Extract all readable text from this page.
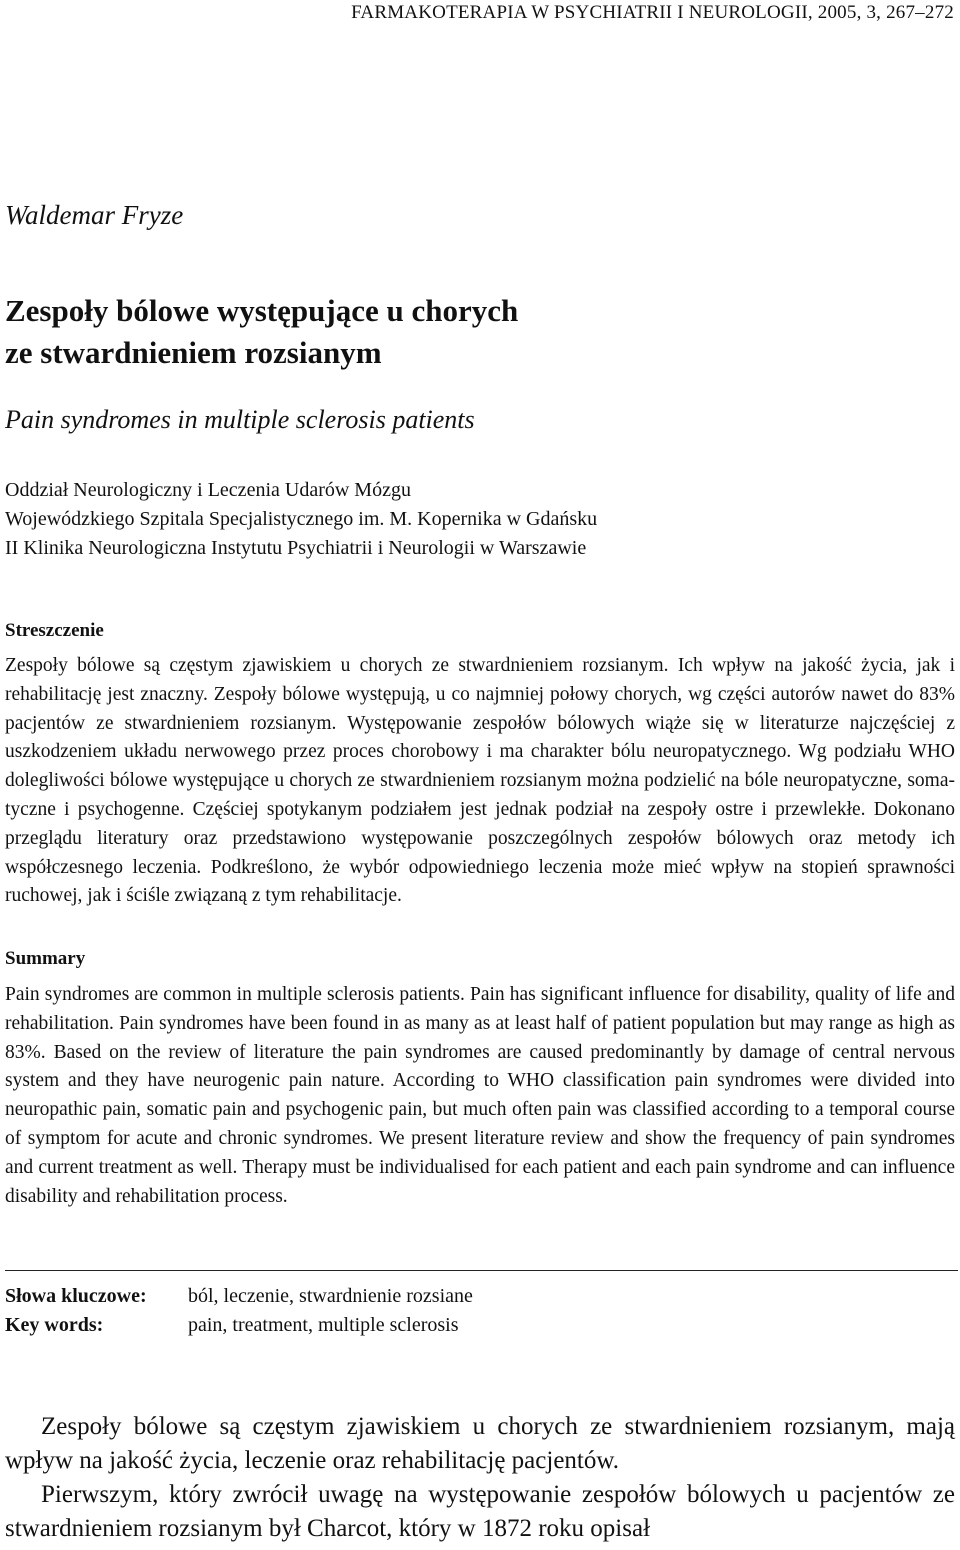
FARMAKOTERAPIA W PSYCHIATRII I NEUROLOGII, 2005, 3, 267–272
Waldemar Fryze
Zespoły bólowe występujące u chorych
ze stwardnieniem rozsianym
Pain syndromes in multiple sclerosis patients
Oddział Neurologiczny i Leczenia Udarów Mózgu
Wojewódzkiego Szpitala Specjalistycznego im. M. Kopernika w Gdańsku
II Klinika Neurologiczna Instytutu Psychiatrii i Neurologii w Warszawie
Streszczenie

Zespoły bólowe są częstym zjawiskiem u chorych ze stwardnieniem rozsianym. Ich wpływ na jakość życia, jak i rehabilitację jest znaczny. Zespoły bólowe występują, u co najmniej połowy chorych, wg części autorów nawet do 83% pacjentów ze stwardnieniem rozsianym. Występowanie zespołów bólowych wiąże się w literaturze najczęściej z uszkodzeniem układu nerwowego przez proces chorobowy i ma charakter bólu neuropatycznego. Wg podziału WHO dolegliwości bólowe występujące u chorych ze stwardnieniem rozsianym można podzielić na bóle neuropatyczne, somatyczne i psychogenne. Częściej spotykanym podziałem jest jednak podział na zespoły ostre i przewlekłe. Dokonano przeglądu literatury oraz przedstawiono występowanie poszczególnych zespołów bólowych oraz metody ich współczesnego leczenia. Podkreślono, że wybór odpowiedniego leczenia może mieć wpływ na stopień sprawności ruchowej, jak i ściśle związaną z tym rehabilitacje.

Summary

Pain syndromes are common in multiple sclerosis patients. Pain has significant influence for disability, quality of life and rehabilitation. Pain syndromes have been found in as many as at least half of patient population but may range as high as 83%. Based on the review of literature the pain syndromes are caused predominantly by damage of central nervous system and they have neurogenic pain nature. According to WHO classification pain syndromes were divided into neuropathic pain, somatic pain and psychogenic pain, but much often pain was classified according to a temporal course of symptom for acute and chronic syndromes. We present literature review and show the frequency of pain syndromes and current treatment as well. Therapy must be individualised for each patient and each pain syndrome and can influence disability and rehabilitation process.

Słowa kluczowe: ból, leczenie, stwardnienie rozsiane
Key words:	pain, treatment, multiple sclerosis

Zespoły bólowe są częstym zjawiskiem u chorych ze stwardnieniem rozsianym, mają wpływ na jakość życia, leczenie oraz rehabilitację pacjentów.

Pierwszym, który zwrócił uwagę na występowanie zespołów bólowych u pacjentów ze stwardnieniem rozsianym był Charcot, który w 1872 roku opisał
